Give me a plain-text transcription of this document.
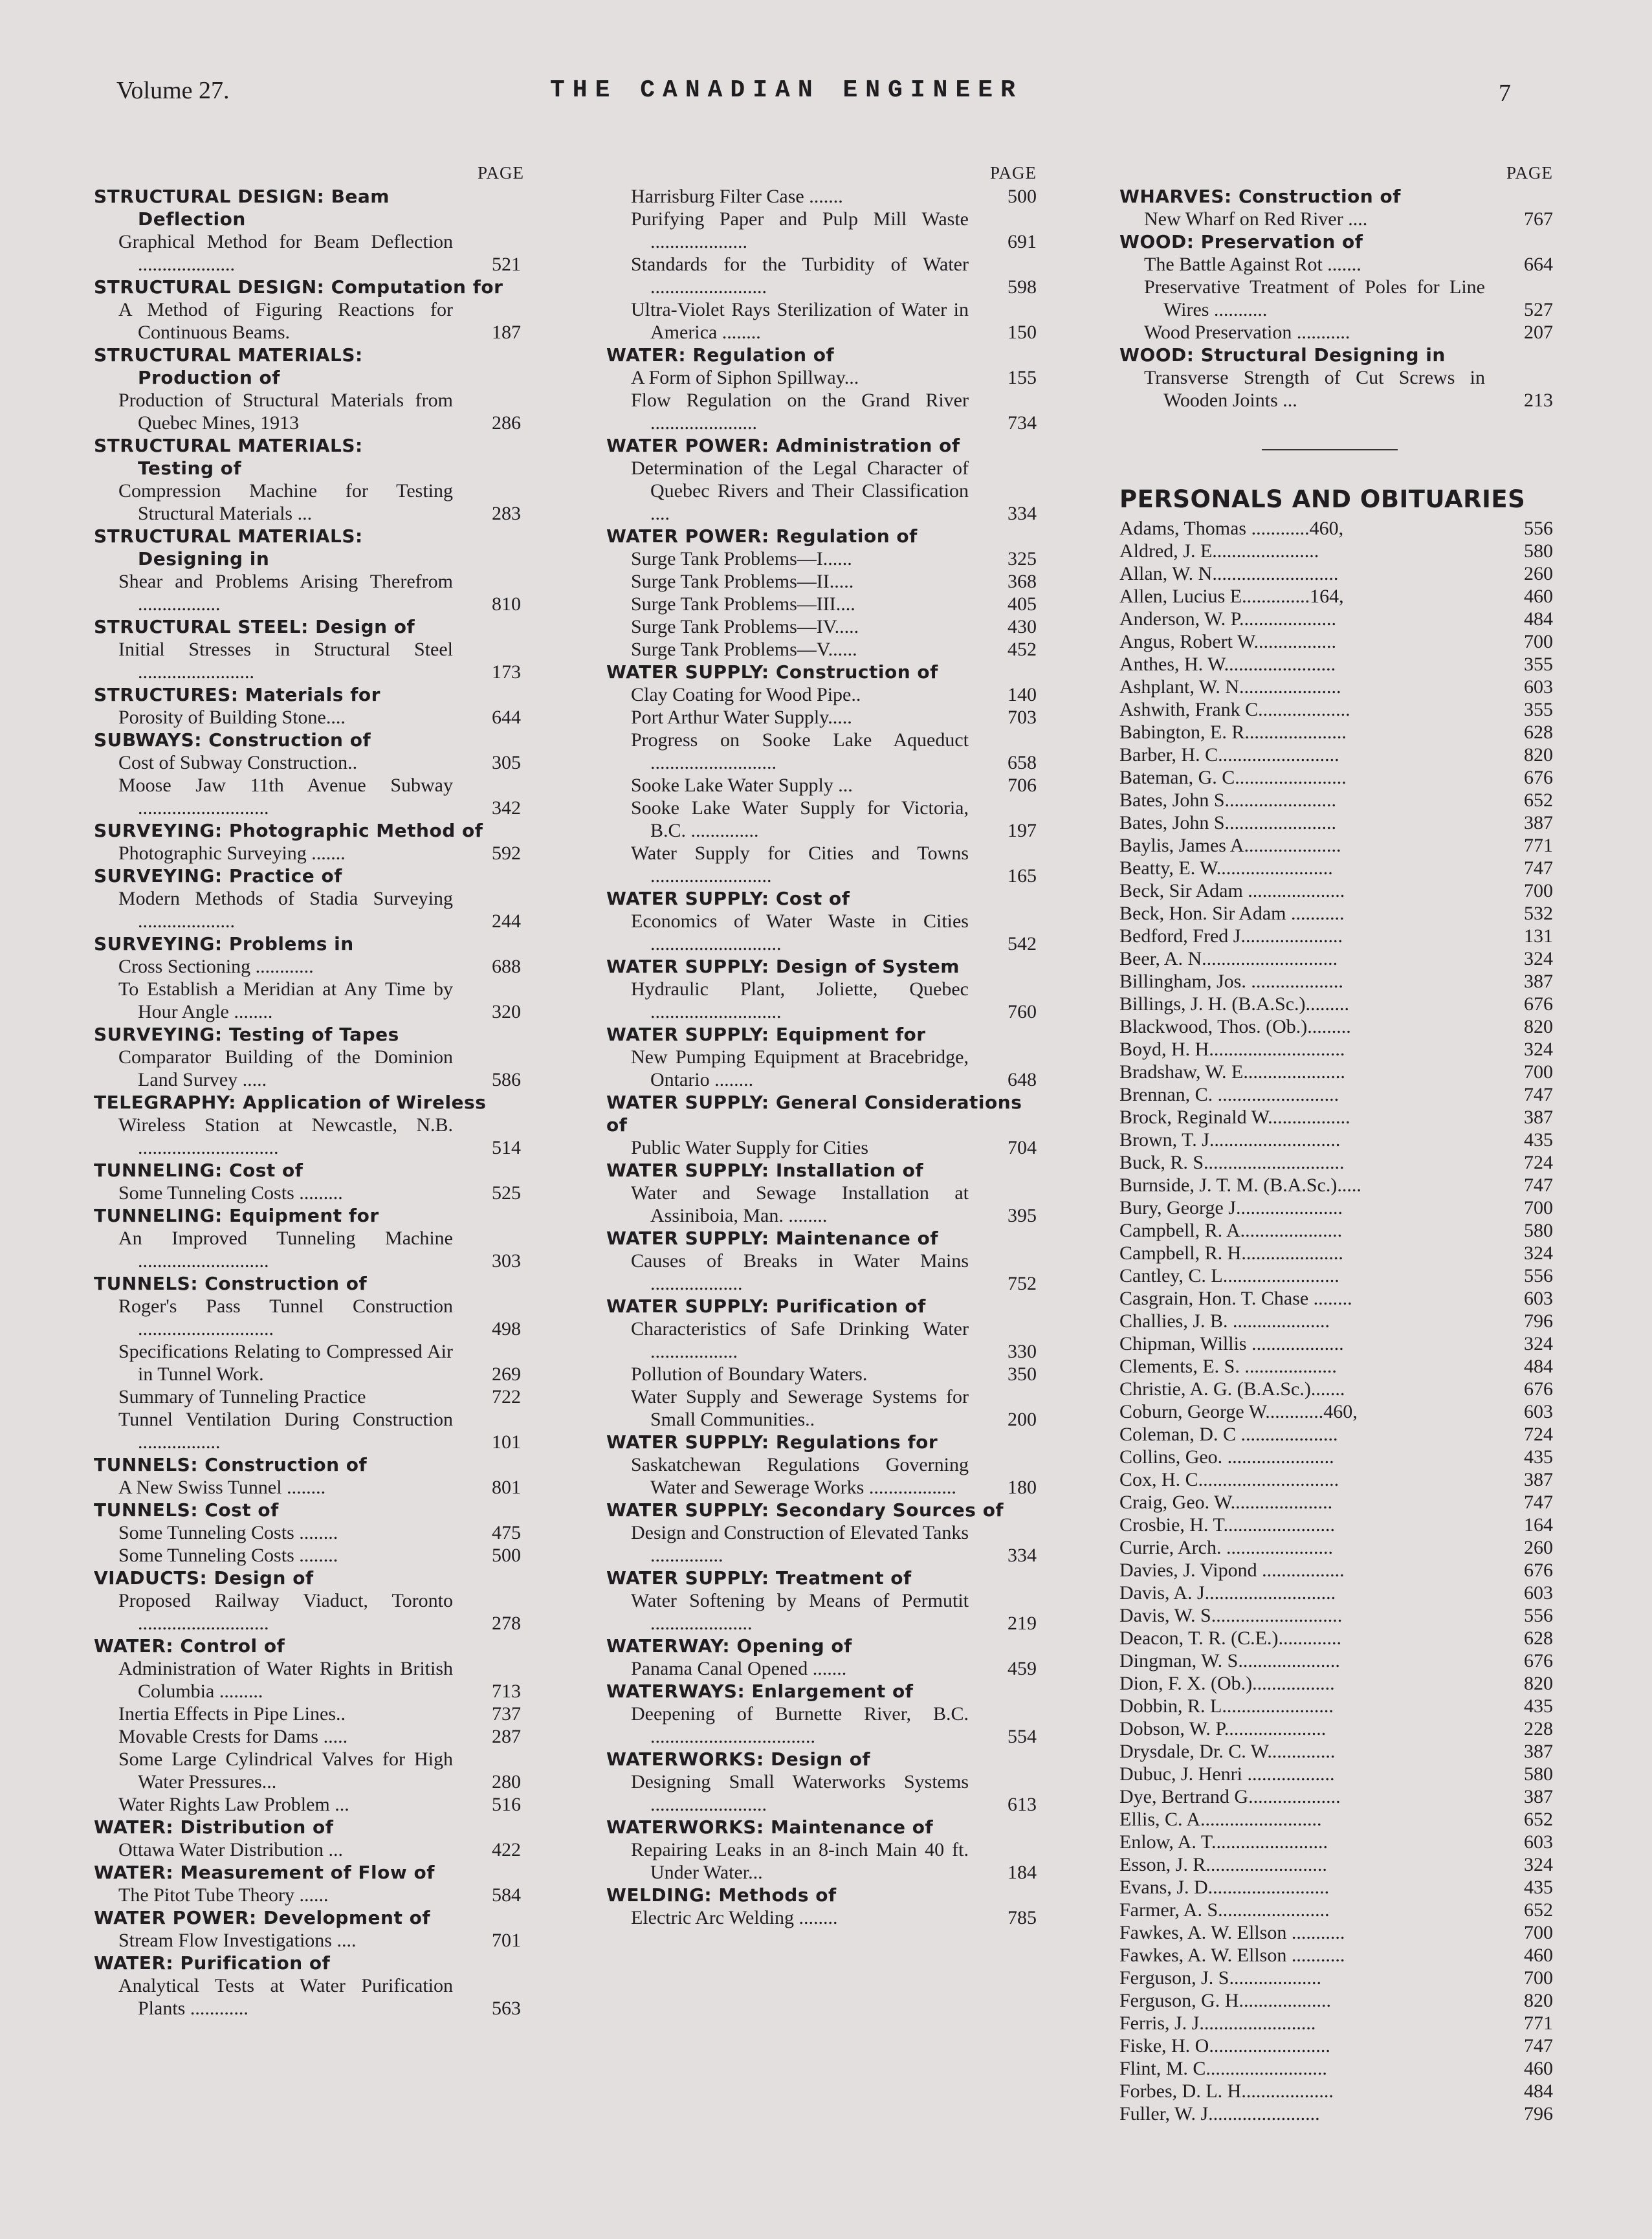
Volume 27.	THE CANADIAN ENGINEER	7
PAGE
STRUCTURAL DESIGN: Beam
Deflection
Graphical Method for Beam Deflection ....................	521
STRUCTURAL DESIGN: Computation for
A Method of Figuring Reactions for Continuous Beams.	187
STRUCTURAL MATERIALS:
Production of
Production of Structural Materials from Quebec Mines, 1913	286
STRUCTURAL MATERIALS:
Testing of
Compression Machine for Testing Structural Materials ...	283
STRUCTURAL MATERIALS:
Designing in
Shear and Problems Arising Therefrom .................	810
STRUCTURAL STEEL: Design of
Initial Stresses in Structural Steel ........................	173
STRUCTURES: Materials for
Porosity of Building Stone....	644
SUBWAYS: Construction of
Cost of Subway Construction..	305
Moose Jaw 11th Avenue Subway ...........................	342
SURVEYING: Photographic Method of
Photographic Surveying .......	592
SURVEYING: Practice of
Modern Methods of Stadia Surveying ....................	244
SURVEYING: Problems in
Cross Sectioning ............	688
To Establish a Meridian at Any Time by Hour Angle ........	320
SURVEYING: Testing of Tapes
Comparator Building of the Dominion Land Survey .....	586
TELEGRAPHY: Application of Wireless
Wireless Station at Newcastle, N.B. .............................	514
TUNNELING: Cost of
Some Tunneling Costs .........	525
TUNNELING: Equipment for
An Improved Tunneling Machine ...........................	303
TUNNELS: Construction of
Roger's Pass Tunnel Construction ............................	498
Specifications Relating to Compressed Air in Tunnel Work.	269
Summary of Tunneling Practice	722
Tunnel Ventilation During Construction .................	101
TUNNELS: Construction of
A New Swiss Tunnel ........	801
TUNNELS: Cost of
Some Tunneling Costs ........	475
Some Tunneling Costs ........	500
VIADUCTS: Design of
Proposed Railway Viaduct, Toronto ...........................	278
WATER: Control of
Administration of Water Rights in British Columbia .........	713
Inertia Effects in Pipe Lines..	737
Movable Crests for Dams .....	287
Some Large Cylindrical Valves for High Water Pressures...	280
Water Rights Law Problem ...	516
WATER: Distribution of
Ottawa Water Distribution ...	422
WATER: Measurement of Flow of
The Pitot Tube Theory ......	584
WATER POWER: Development of
Stream Flow Investigations ....	701
WATER: Purification of
Analytical Tests at Water Purification Plants ............	563
PAGE
Harrisburg Filter Case .......	500
Purifying Paper and Pulp Mill Waste ....................	691
Standards for the Turbidity of Water ........................	598
Ultra-Violet Rays Sterilization of Water in America ........	150
WATER: Regulation of
A Form of Siphon Spillway...	155
Flow Regulation on the Grand River ......................	734
WATER POWER: Administration of
Determination of the Legal Character of Quebec Rivers and Their Classification ....	334
WATER POWER: Regulation of
Surge Tank Problems—I......	325
Surge Tank Problems—II.....	368
Surge Tank Problems—III....	405
Surge Tank Problems—IV.....	430
Surge Tank Problems—V......	452
WATER SUPPLY: Construction of
Clay Coating for Wood Pipe..	140
Port Arthur Water Supply.....	703
Progress on Sooke Lake Aqueduct ..........................	658
Sooke Lake Water Supply ...	706
Sooke Lake Water Supply for Victoria, B.C. ..............	197
Water Supply for Cities and Towns .........................	165
WATER SUPPLY: Cost of
Economics of Water Waste in Cities ...........................	542
WATER SUPPLY: Design of System
Hydraulic Plant, Joliette, Quebec ...........................	760
WATER SUPPLY: Equipment for
New Pumping Equipment at Bracebridge, Ontario ........	648
WATER SUPPLY: General Considerations of
Public Water Supply for Cities	704
WATER SUPPLY: Installation of
Water and Sewage Installation at Assiniboia, Man. ........	395
WATER SUPPLY: Maintenance of
Causes of Breaks in Water Mains ...................	752
WATER SUPPLY: Purification of
Characteristics of Safe Drinking Water ..................	330
Pollution of Boundary Waters.	350
Water Supply and Sewerage Systems for Small Communities..	200
WATER SUPPLY: Regulations for
Saskatchewan Regulations Governing Water and Sewerage Works ..................	180
WATER SUPPLY: Secondary Sources of
Design and Construction of Elevated Tanks ...............	334
WATER SUPPLY: Treatment of
Water Softening by Means of Permutit .....................	219
WATERWAY: Opening of
Panama Canal Opened .......	459
WATERWAYS: Enlargement of
Deepening of Burnette River, B.C. ..................................	554
WATERWORKS: Design of
Designing Small Waterworks Systems ........................	613
WATERWORKS: Maintenance of
Repairing Leaks in an 8-inch Main 40 ft. Under Water...	184
WELDING: Methods of
Electric Arc Welding ........	785
PAGE
WHARVES: Construction of
New Wharf on Red River ....	767
WOOD: Preservation of
The Battle Against Rot .......	664
Preservative Treatment of Poles for Line Wires ...........	527
Wood Preservation ...........	207
WOOD: Structural Designing in
Transverse Strength of Cut Screws in Wooden Joints ...	213
PERSONALS AND OBITUARIES
Adams, Thomas ............460,	556
Aldred, J. E......................	580
Allan, W. N..........................	260
Allen, Lucius E..............164,	460
Anderson, W. P....................	484
Angus, Robert W.................	700
Anthes, H. W.......................	355
Ashplant, W. N.....................	603
Ashwith, Frank C...................	355
Babington, E. R.....................	628
Barber, H. C.........................	820
Bateman, G. C.......................	676
Bates, John S.......................	652
Bates, John S.......................	387
Baylis, James A....................	771
Beatty, E. W........................	747
Beck, Sir Adam ....................	700
Beck, Hon. Sir Adam ...........	532
Bedford, Fred J.....................	131
Beer, A. N............................	324
Billingham, Jos. ...................	387
Billings, J. H. (B.A.Sc.).........	676
Blackwood, Thos. (Ob.).........	820
Boyd, H. H............................	324
Bradshaw, W. E.....................	700
Brennan, C. .........................	747
Brock, Reginald W.................	387
Brown, T. J...........................	435
Buck, R. S.............................	724
Burnside, J. T. M. (B.A.Sc.).....	747
Bury, George J......................	700
Campbell, R. A.....................	580
Campbell, R. H.....................	324
Cantley, C. L........................	556
Casgrain, Hon. T. Chase ........	603
Challies, J. B. ....................	796
Chipman, Willis ...................	324
Clements, E. S. ...................	484
Christie, A. G. (B.A.Sc.).......	676
Coburn, George W............460,	603
Coleman, D. C ....................	724
Collins, Geo. ......................	435
Cox, H. C.............................	387
Craig, Geo. W.....................	747
Crosbie, H. T.......................	164
Currie, Arch. ......................	260
Davies, J. Vipond .................	676
Davis, A. J...........................	603
Davis, W. S...........................	556
Deacon, T. R. (C.E.).............	628
Dingman, W. S.....................	676
Dion, F. X. (Ob.).................	820
Dobbin, R. L.......................	435
Dobson, W. P.....................	228
Drysdale, Dr. C. W..............	387
Dubuc, J. Henri ..................	580
Dye, Bertrand G...................	387
Ellis, C. A.........................	652
Enlow, A. T........................	603
Esson, J. R.........................	324
Evans, J. D.........................	435
Farmer, A. S.......................	652
Fawkes, A. W. Ellson ...........	700
Fawkes, A. W. Ellson ...........	460
Ferguson, J. S...................	700
Ferguson, G. H...................	820
Ferris, J. J........................	771
Fiske, H. O.........................	747
Flint, M. C.........................	460
Forbes, D. L. H...................	484
Fuller, W. J.......................	796
